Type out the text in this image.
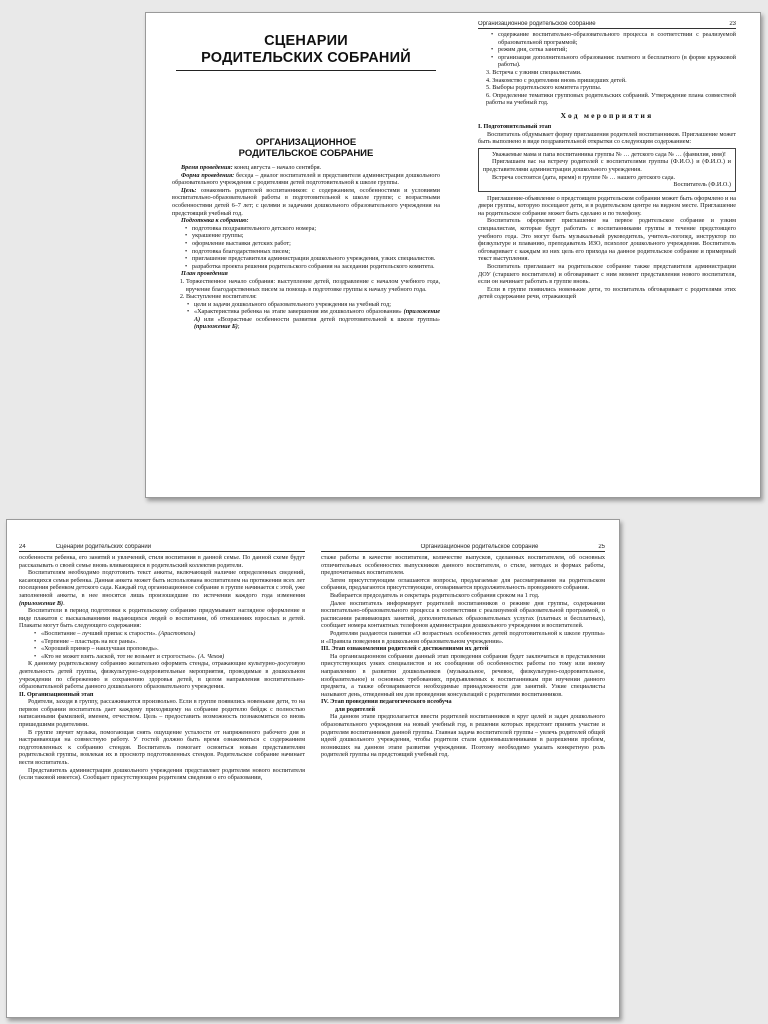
СЦЕНАРИИ
РОДИТЕЛЬСКИХ СОБРАНИЙ
ОРГАНИЗАЦИОННОЕ
РОДИТЕЛЬСКОЕ СОБРАНИЕ

Время проведения: конец августа – начало сентября.

Форма проведения: беседа – диалог воспитателей и представителя администрации дошкольного образовательного учреждения с родителями детей подготовительной к школе группы.

Цель: ознакомить родителей воспитанников: с содержанием, особенностями и условиями воспитательно-образовательной работы в подготовительной к школе группе; с возрастными особенностями детей 6–7 лет; с целями и задачами дошкольного образовательного учреждения на предстоящий учебный год.

Подготовка к собранию:

• подготовка поздравительного детского номера;
• украшение группы;
• оформление выставки детских работ;
• подготовка благодарственных писем;
• приглашение представителя администрации дошкольного учреждения, узких специалистов.
• разработка проекта решения родительского собрания на заседании родительского комитета.

План проведения

1. Торжественное начало собрания: выступление детей, поздравление с началом учебного года, вручение благодарственных писем за помощь в подготовке группы к началу учебного года.
2. Выступление воспитателя:
• цели и задачи дошкольного образовательного учреждения на учебный год;
• «Характеристика ребенка на этапе завершения им дошкольного образования» (приложение А) или «Возрастные особенности развития детей подготовительной к школе группы» (приложение Б);
Организационное родительское собрание	23
• содержание воспитательно-образовательного процесса в соответствии с реализуемой образовательной программой;
• режим дня, сетка занятий;
• организация дополнительного образования: платного и бесплатного (в форме кружковой работы).

3. Встреча с узкими специалистами.

4. Знакомство с родителями вновь пришедших детей.

5. Выборы родительского комитета группы.

6. Определение тематики групповых родительских собраний. Утверждение плана совместной работы на учебный год.

Ход мероприятия

I. Подготовительный этап

Воспитатель обдумывает форму приглашения родителей воспитанников. Приглашение может быть выполнено в виде поздравительной открытки со следующим содержанием:

Уважаемые мама и папа воспитанника группы № … детского сада № … (фамилия, имя)!

Приглашаем вас на встречу родителей с воспитателями группы (Ф.И.О.) и (Ф.И.О.) и представителями администрации дошкольного учреждения.

Встреча состоится (дата, время) в группе № … нашего детского сада.

Воспитатель (Ф.И.О.)

Приглашение-объявление о предстоящем родительском собрании может быть оформлено и на двери группы, которую посещают дети, и в родительском центре на видном месте. Приглашение на родительское собрание может быть сделано и по телефону.

Воспитатель оформляет приглашение на первое родительское собрание и узким специалистам, которые будут работать с воспитанниками группы в течение предстоящего учебного года. Это могут быть музыкальный руководитель, учитель-логопед, инструктор по физкультуре и плаванию, преподаватель ИЗО, психолог дошкольного учреждения. Воспитатель обговаривает с каждым из них цель его прихода на данное родительское собрание и примерный текст выступления.

Воспитатель приглашает на родительское собрание также представителя администрации ДОУ (старшего воспитателя) и обговаривает с ним момент представления нового воспитателя, если он начинает работать в группе вновь.

Если в группе появились новенькие дети, то воспитатель обговаривает с родителями этих детей содержание речи, отражающей

24	Сценарии родительских собраний

особенности ребенка, его занятий и увлечений, стиля воспитания в данной семье. По данной схеме будут рассказывать о своей семье вновь вливающиеся в родительский коллектив родители.

Воспитателям необходимо подготовить текст анкеты, включающей наличие определенных сведений, касающихся семьи ребенка. Данная анкета может быть использована воспитателем на протяжении всех лет посещения ребенком детского сада. Каждый год организационное собрание в группе начинается с этой, уже заполненной анкеты, в нее вносятся лишь произошедшие по истечении каждого года изменения (приложение В).

Воспитатели в период подготовки к родительскому собранию придумывают наглядное оформление в виде плакатов с высказываниями выдающихся людей о воспитании, об отношениях взрослых и детей. Плакаты могут быть следующего содержания:

• «Воспитание – лучший припас к старости». (Аристотель)
• «Терпение – пластырь на все раны».
• «Хороший пример – наилучшая проповедь».
• «Кто не может взять лаской, тот не возьмет и строгостью». (А. Чехов)

К данному родительскому собранию желательно оформить стенды, отражающие культурно-досуговую деятельность детей группы, физкультурно-оздоровительные мероприятия, проводимые в дошкольном учреждении по сбережению и сохранению здоровья детей, в целом направления воспитательно-образовательной работы данного дошкольного образовательного учреждения.

II. Организационный этап

Родители, заходя в группу, рассаживаются произвольно. Если в группе появились новенькие дети, то на первом собрании воспитатель дает каждому приходящему на собрание родителю бейдж с полностью написанными фамилией, именем, отчеством. Цель – предоставить возможность познакомиться со вновь пришедшими родителями.

В группе звучит музыка, помогающая снять ощущение усталости от напряженного рабочего дня и настраивающая на совместную работу. У гостей должно быть время ознакомиться с содержанием подготовленных к собранию стендов. Воспитатель помогает освоиться новым представителям родительской группы, вовлекая их в просмотр подготовленных стендов. Родительское собрание начинает вести воспитатель.

Представитель администрации дошкольного учреждения представляет родителям нового воспитателя (если таковой имеется). Сообщает присутствующим родителям сведения о его образовании,

Организационное родительское собрание	25

стаже работы в качестве воспитателя, количестве выпусков, сделанных воспитателем, об основных отличительных особенностях выпускников данного воспитателя, о стиле, методах и формах работы, предпочитаемых воспитателем.

Затем присутствующим оглашаются вопросы, предлагаемые для рассматривания на родительском собрании, предлагаются присутствующие, оговаривается продолжительность проводимого собрания.

Выбирается председатель и секретарь родительского собрания сроком на 1 год.

Далее воспитатель информирует родителей воспитанников о режиме дня группы, содержании воспитательно-образовательного процесса в соответствии с реализуемой образовательной программой, о расписании развивающих занятий, дополнительных образовательных услугах (платных и бесплатных), сообщает номера контактных телефонов администрации дошкольного учреждения и воспитателей.

Родителям раздаются памятки «О возрастных особенностях детей подготовительной к школе группы» и «Правила поведения в дошкольном образовательном учреждении».

III. Этап ознакомления родителей с достижениями их детей

На организационном собрании данный этап проведения собрания будет заключаться в представлении присутствующих узких специалистов и их сообщения об особенностях работы по тому или иному направлению в развитии дошкольников (музыкальное, речевое, физкультурно-оздоровительное, изобразительное) и основных требованиях, предъявляемых к воспитанникам при изучении данного предмета, а также обговариваются необходимые принадлежности для занятий. Узкие специалисты называют день, отведенный им для проведения консультаций с родителями воспитанников.

IV. Этап проведения педагогического всеобуча

для родителей

На данном этапе предполагается ввести родителей воспитанников в круг целей и задач дошкольного образовательного учреждения на новый учебный год, в решении которых предстоит принять участие и родителям воспитанников данной группы. Главная задача воспитателей группы – увлечь родителей общей идеей дошкольного учреждения, чтобы родители стали единомышленниками в разрешении проблем, возникших на данном этапе развития учреждения. Поэтому необходимо указать конкретную роль родителей группы на предстоящий учебный год.
